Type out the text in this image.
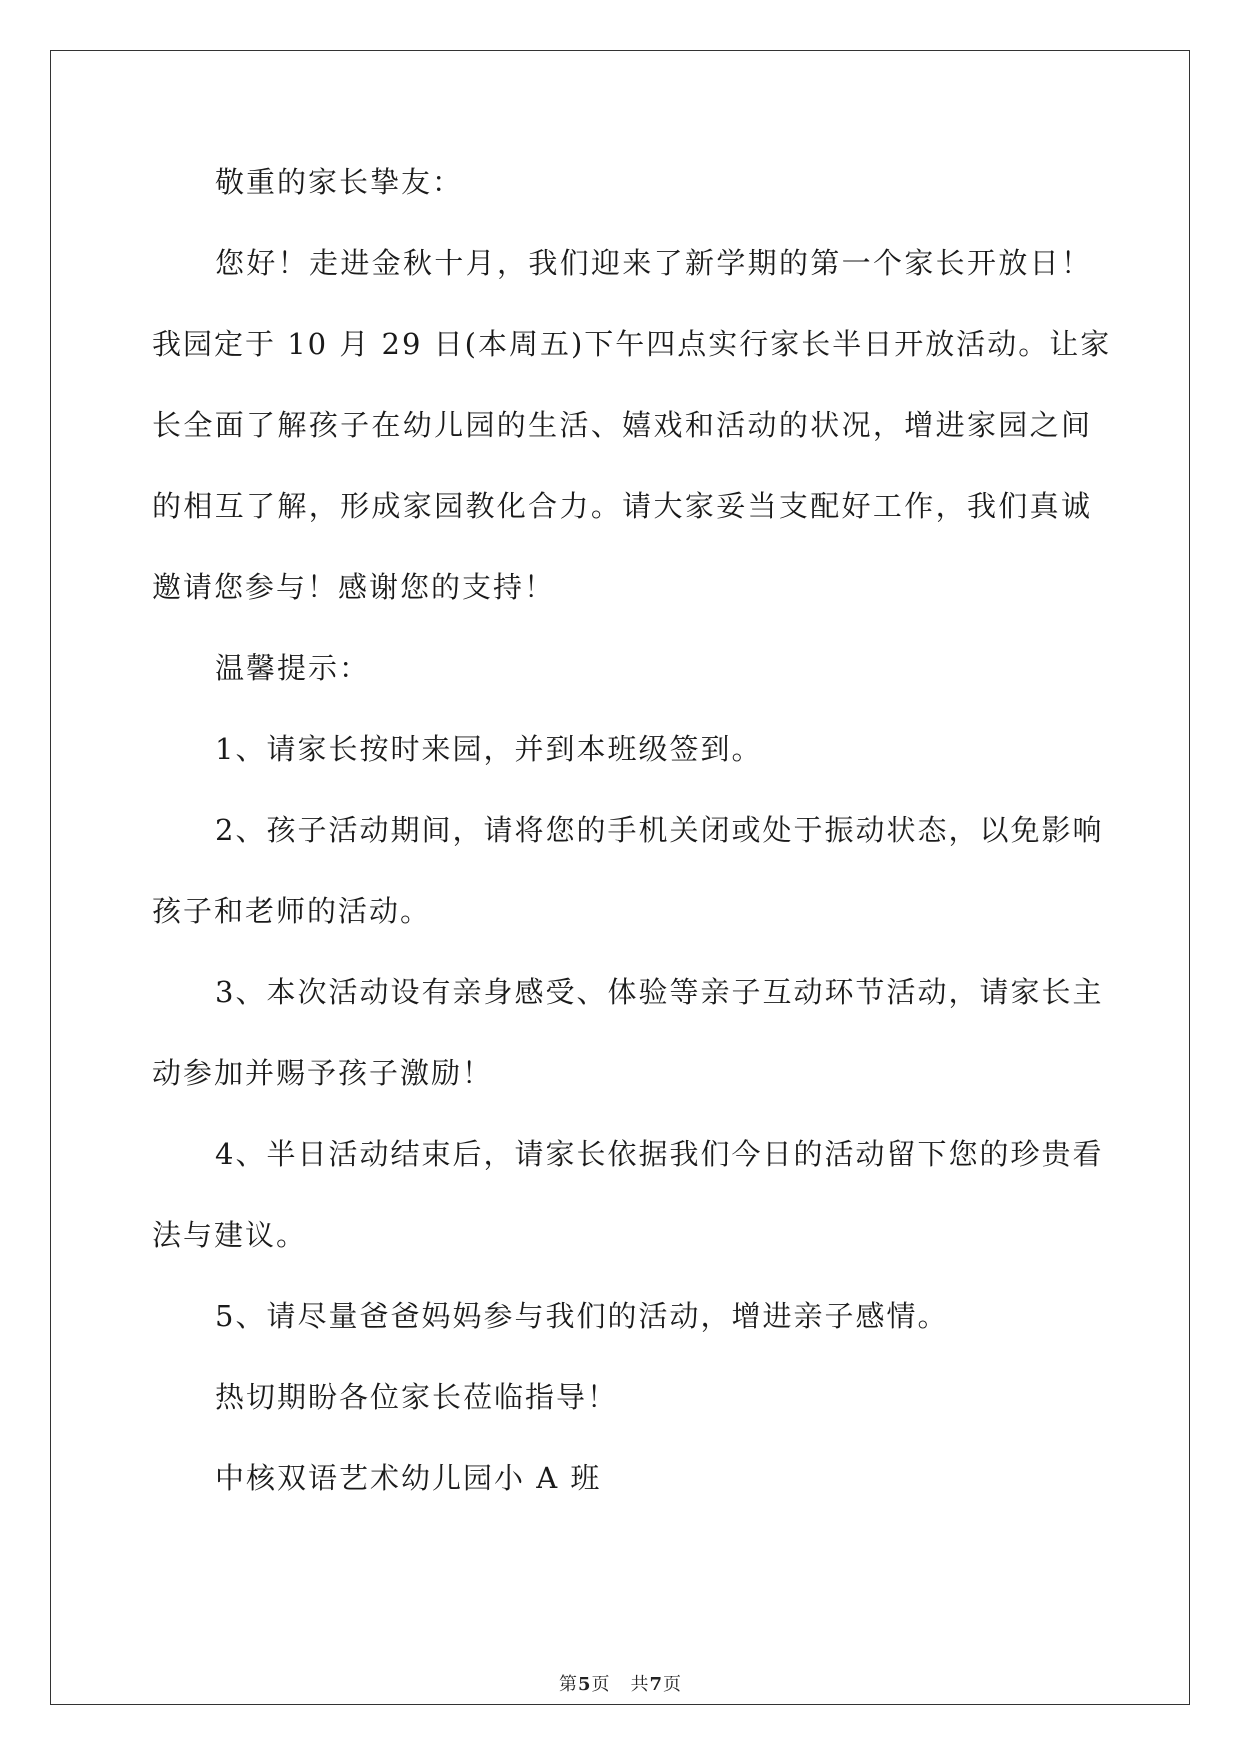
敬重的家长挚友：
您好！走进金秋十月，我们迎来了新学期的第一个家长开放日！
我园定于 10 月 29 日(本周五)下午四点实行家长半日开放活动。让家
长全面了解孩子在幼儿园的生活、嬉戏和活动的状况，增进家园之间
的相互了解，形成家园教化合力。请大家妥当支配好工作，我们真诚
邀请您参与！感谢您的支持！
温馨提示：
1、请家长按时来园，并到本班级签到。
2、孩子活动期间，请将您的手机关闭或处于振动状态，以免影响
孩子和老师的活动。
3、本次活动设有亲身感受、体验等亲子互动环节活动，请家长主
动参加并赐予孩子激励！
4、半日活动结束后，请家长依据我们今日的活动留下您的珍贵看
法与建议。
5、请尽量爸爸妈妈参与我们的活动，增进亲子感情。
热切期盼各位家长莅临指导！
中核双语艺术幼儿园小 A 班
第5页 共7页
